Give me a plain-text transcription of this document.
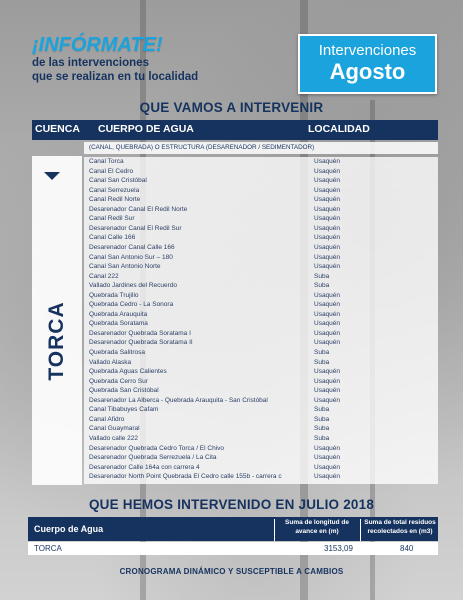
¡INFÓRMATE!
de las intervenciones
que se realizan en tu localidad
Intervenciones
Agosto
QUE VAMOS A INTERVENIR
CUENCA CUERPO DE AGUA	LOCALIDAD
(CANAL, QUEBRADA) O ESTRUCTURA (DESARENADOR / SEDIMENTADOR)
TORCA
Canal Torca	Usaquén
Canal El Cedro	Usaquén
Canal San Cristóbal	Usaquén
Canal Serrezuela	Usaquén
Canal Redil Norte	Usaquén
Desarenador Canal El Redil Norte	Usaquén
Canal Redil Sur	Usaquén
Desarenador Canal El Redil Sur	Usaquén
Canal Calle 166	Usaquén
Desarenador Canal Calle 166	Usaquén
Canal San Antonio Sur – 180	Usaquén
Canal San Antonio Norte	Usaquén
Canal 222	Suba
Vallado Jardines del Recuerdo	Suba
Quebrada Trujillo	Usaquén
Quebrada Cedro - La Sonora	Usaquén
Quebrada Arauquita	Usaquén
Quebrada Soratama	Usaquén
Desarenador Quebrada Soratama I	Usaquén
Desarenador Quebrada Soratama II	Usaquén
Quebrada Salitrosa	Suba
Vallado Alaska	Suba
Quebrada Aguas Calientes	Usaquén
Quebrada Cerro Sur	Usaquén
Quebrada San Cristóbal	Usaquén
Desarenador La Alberca - Quebrada Arauquita - San Cristóbal	Usaquén
Canal Tibabuyes Cafam	Suba
Canal Afidro	Suba
Canal Guaymaral	Suba
Vallado calle 222	Suba
Desarenador Quebrada Cedro Torca / El Chivo	Usaquén
Desarenador Quebrada Serrezuela / La Cita	Usaquén
Desarenador Calle 164a con carrera 4	Usaquén
Desarenador North Point Quebrada El Cedro calle 155b - carrera c	Usaquén
QUE HEMOS INTERVENIDO EN JULIO 2018
Cuerpo de Agua
Suma de longitud de avance en (m)
Suma de total residuos recolectados en (m3)
TORCA	3153,09	840
CRONOGRAMA DINÁMICO Y SUSCEPTIBLE A CAMBIOS
